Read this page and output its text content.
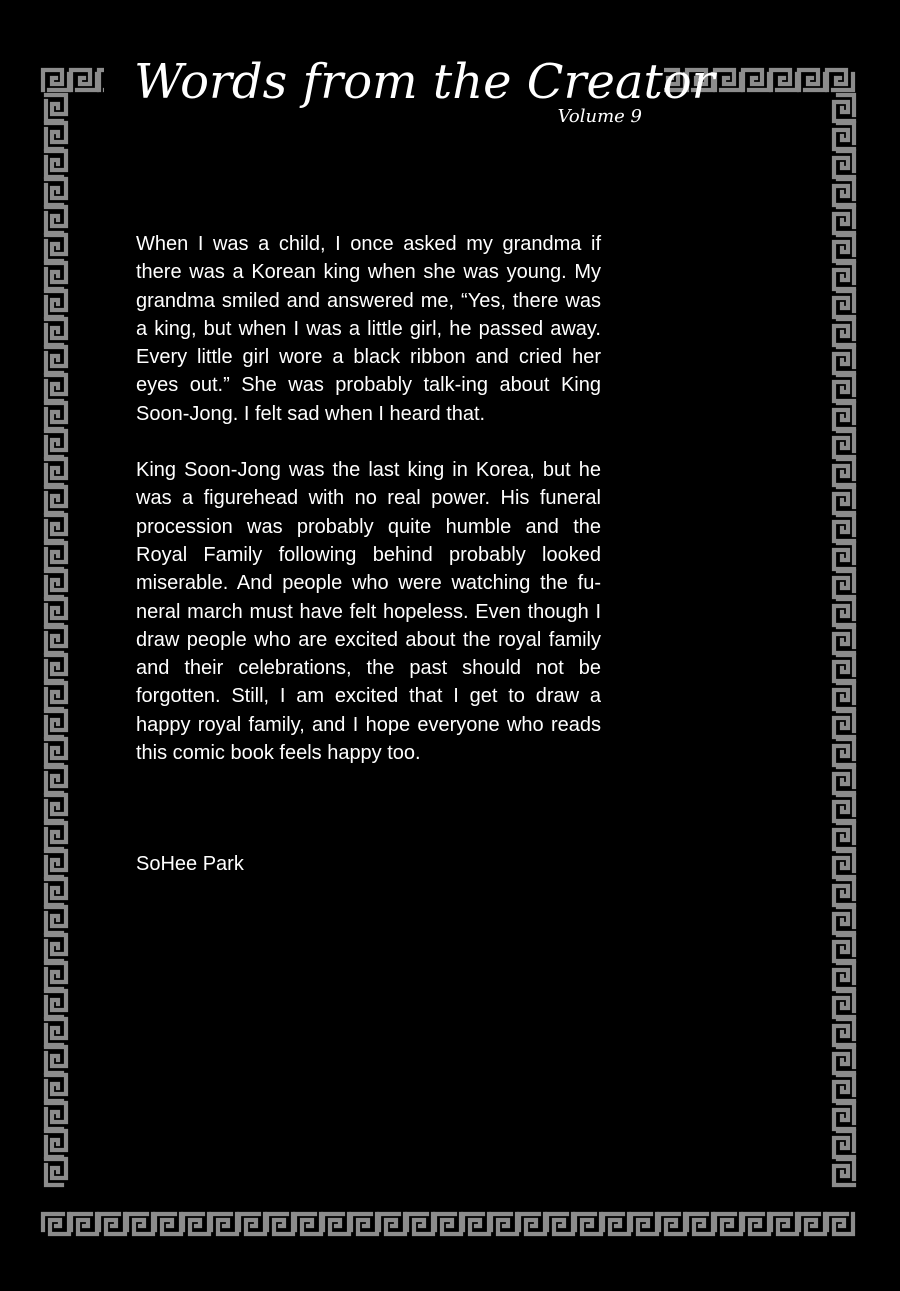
Words from the Creator
Volume 9

When I was a child, I once asked my grandma if there was a Korean king when she was young. My grandma smiled and answered me, “Yes, there was a king, but when I was a little girl, he passed away. Every little girl wore a black ribbon and cried her eyes out.” She was probably talk-ing about King Soon-Jong. I felt sad when I heard that.

King Soon-Jong was the last king in Korea, but he was a figurehead with no real power. His funeral procession was probably quite humble and the Royal Family following behind probably looked miserable. And people who were watching the fu-neral march must have felt hopeless. Even though I draw people who are excited about the royal family and their celebrations, the past should not be forgotten. Still, I am excited that I get to draw a happy royal family, and I hope everyone who reads this comic book feels happy too.

SoHee Park
